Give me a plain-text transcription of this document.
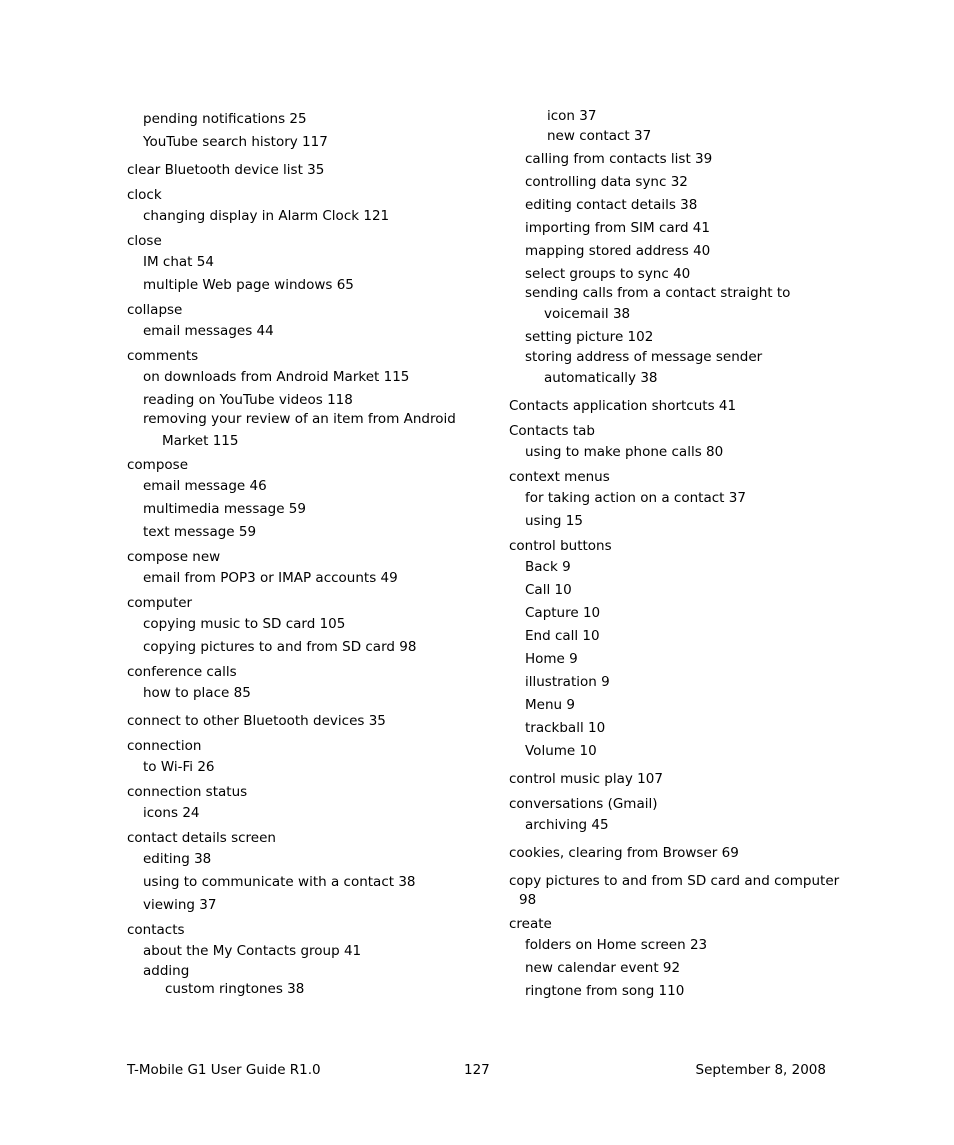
pending notifications 25
YouTube search history 117
clear Bluetooth device list 35
clock
changing display in Alarm Clock 121
close
IM chat 54
multiple Web page windows 65
collapse
email messages 44
comments
on downloads from Android Market 115
reading on YouTube videos 118
removing your review of an item from Android
Market 115
compose
email message 46
multimedia message 59
text message 59
compose new
email from POP3 or IMAP accounts 49
computer
copying music to SD card 105
copying pictures to and from SD card 98
conference calls
how to place 85
connect to other Bluetooth devices 35
connection
to Wi-Fi 26
connection status
icons 24
contact details screen
editing 38
using to communicate with a contact 38
viewing 37
contacts
about the My Contacts group 41
adding
custom ringtones 38
icon 37
new contact 37
calling from contacts list 39
controlling data sync 32
editing contact details 38
importing from SIM card 41
mapping stored address 40
select groups to sync 40
sending calls from a contact straight to
voicemail 38
setting picture 102
storing address of message sender
automatically 38
Contacts application shortcuts 41
Contacts tab
using to make phone calls 80
context menus
for taking action on a contact 37
using 15
control buttons
Back 9
Call 10
Capture 10
End call 10
Home 9
illustration 9
Menu 9
trackball 10
Volume 10
control music play 107
conversations (Gmail)
archiving 45
cookies, clearing from Browser 69
copy pictures to and from SD card and computer
98
create
folders on Home screen 23
new calendar event 92
ringtone from song 110
T-Mobile G1 User Guide R1.0	127	September 8, 2008
